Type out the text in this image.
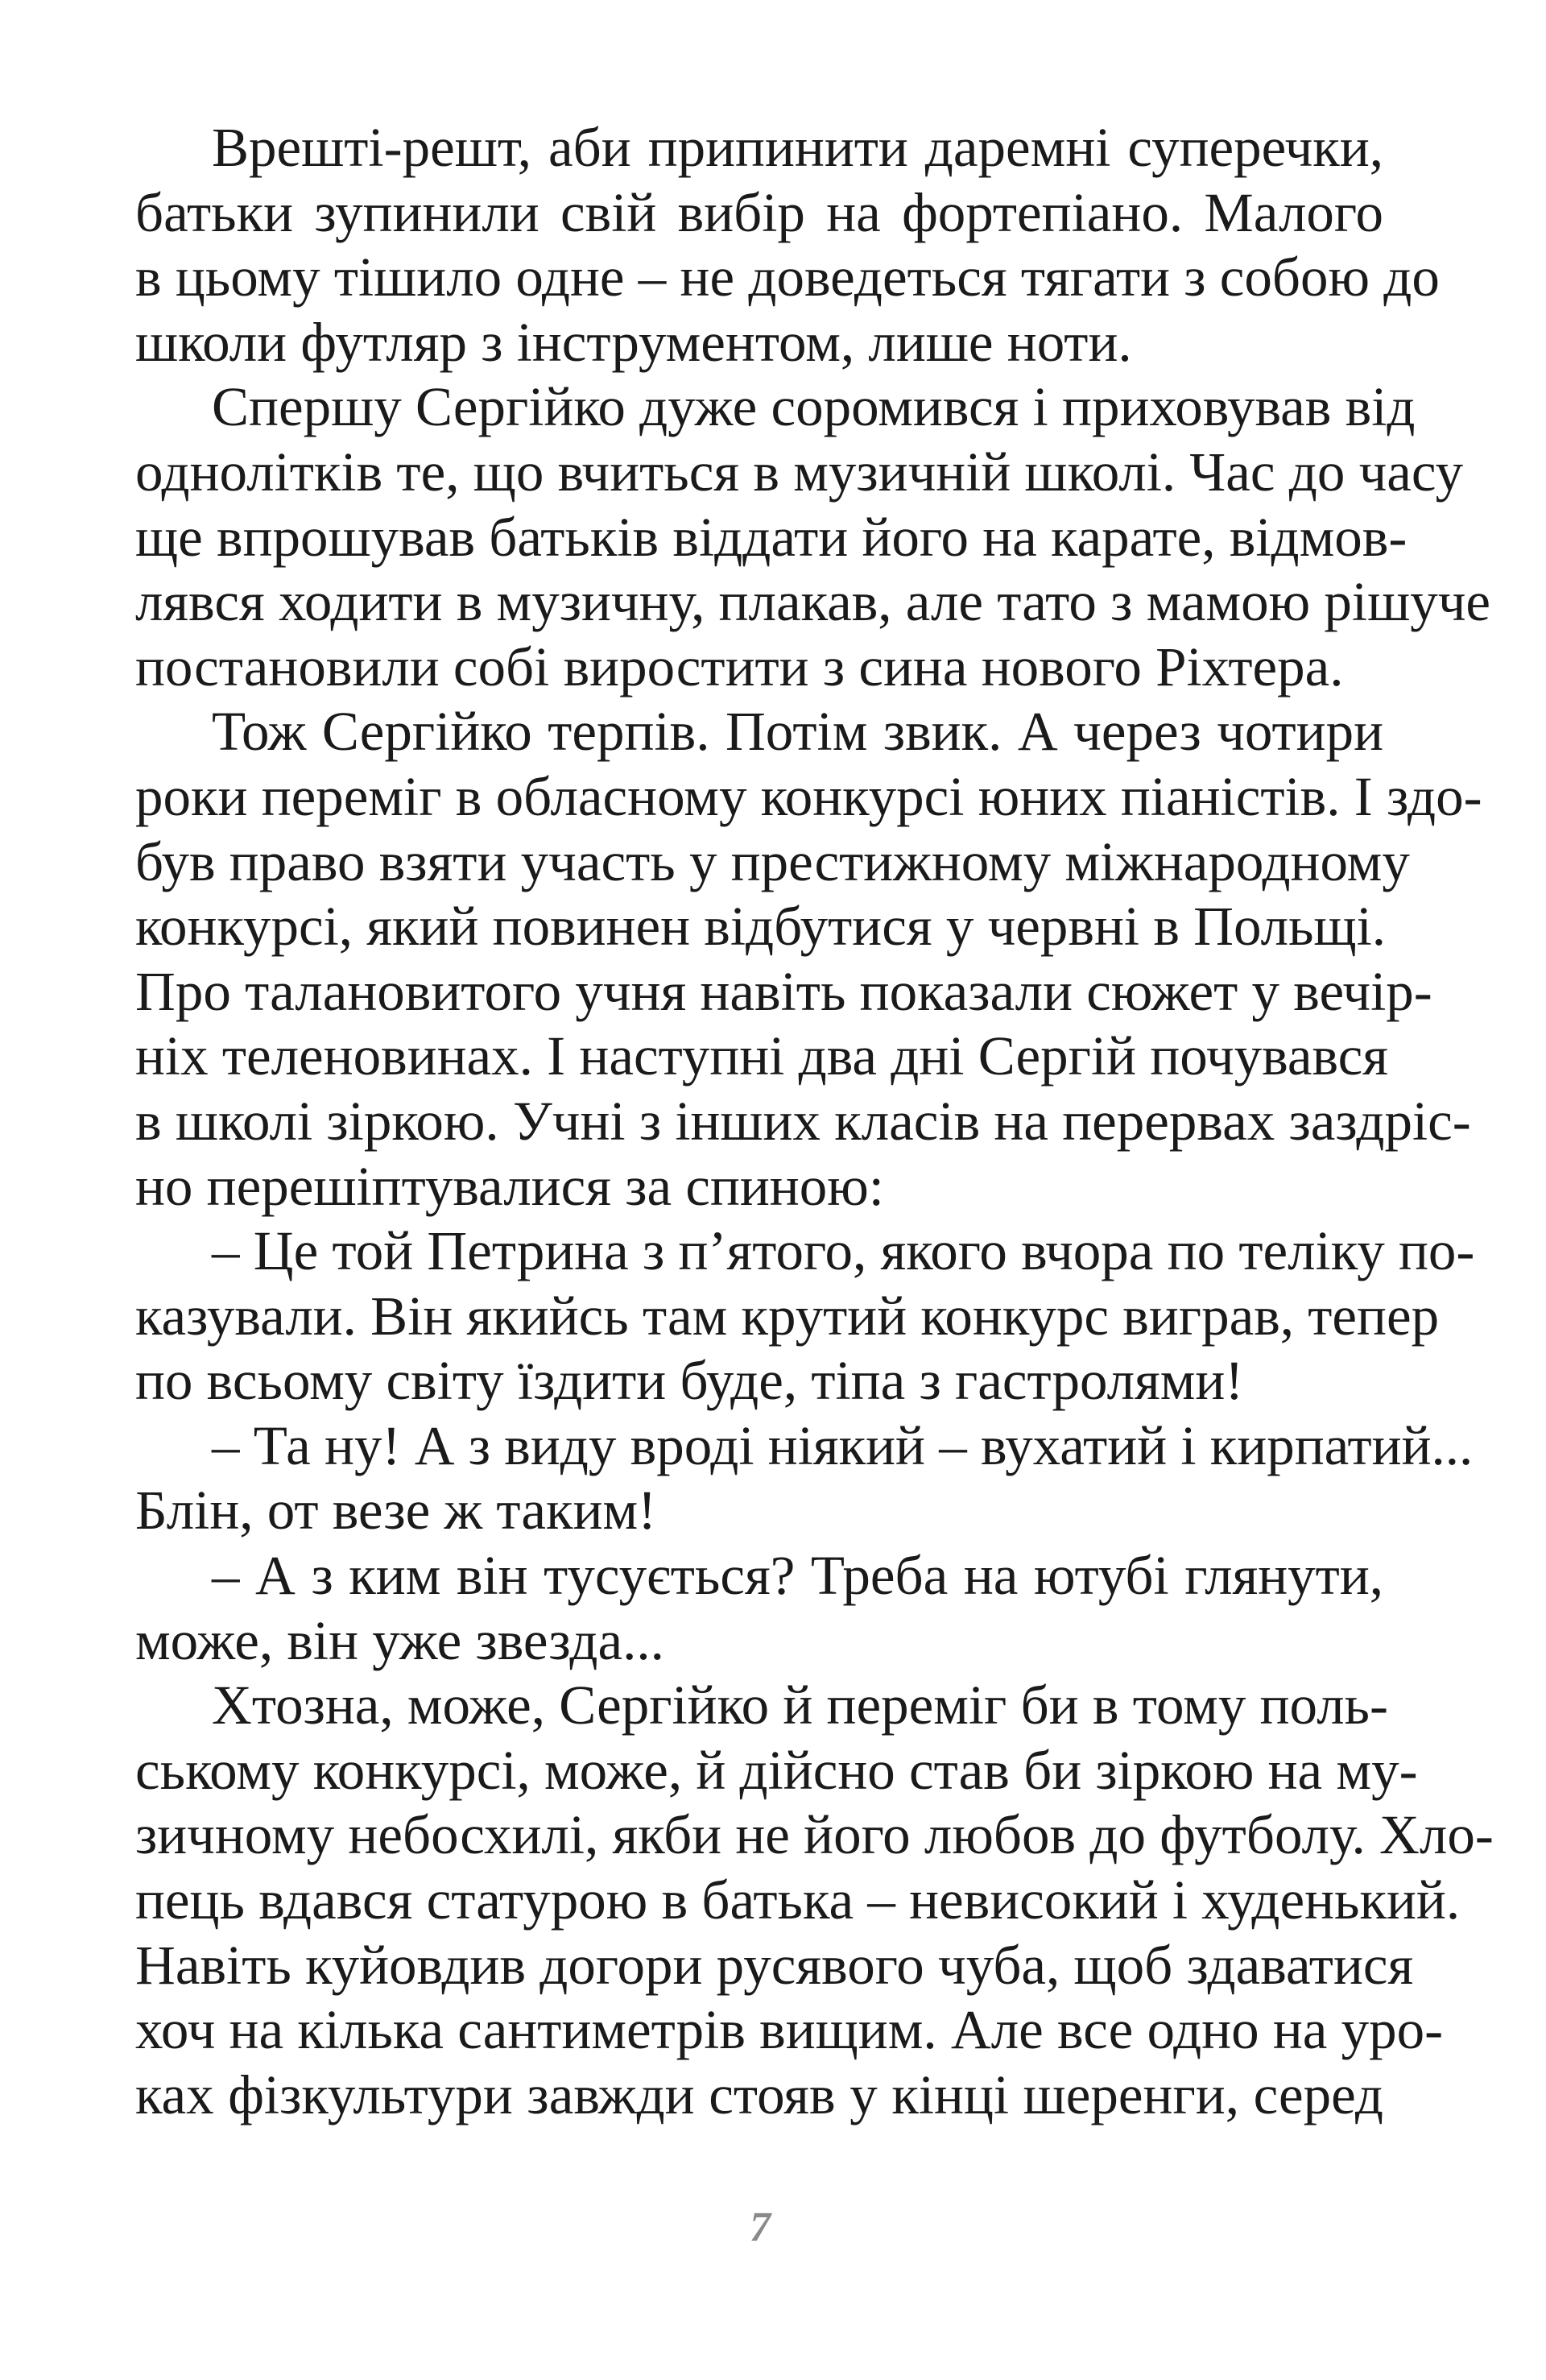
Врешті-решт, аби припинити даремні суперечки,
батьки зупинили свій вибір на фортепіано. Малого
в цьому тішило одне – не доведеться тягати з собою до
школи футляр з інструментом, лише ноти.
Спершу Сергійко дуже соромився і приховував від
однолітків те, що вчиться в музичній школі. Час до часу
ще впрошував батьків віддати його на карате, відмов-
лявся ходити в музичну, плакав, але тато з мамою рішуче
постановили собі виростити з сина нового Ріхтера.
Тож Сергійко терпів. Потім звик. А через чотири
роки переміг в обласному конкурсі юних піаністів. І здо-
був право взяти участь у престижному міжнародному
конкурсі, який повинен відбутися у червні в Польщі.
Про талановитого учня навіть показали сюжет у вечір-
ніх теленовинах. І наступні два дні Сергій почувався
в школі зіркою. Учні з інших класів на перервах заздріс-
но перешіптувалися за спиною:
– Це той Петрина з п’ятого, якого вчора по теліку по-
казували. Він якийсь там крутий конкурс виграв, тепер
по всьому світу їздити буде, тіпа з гастролями!
– Та ну! А з виду вроді ніякий – вухатий і кирпатий...
Блін, от везе ж таким!
– А з ким він тусується? Треба на ютубі глянути,
може, він уже звезда...
Хтозна, може, Сергійко й переміг би в тому поль-
ському конкурсі, може, й дійсно став би зіркою на му-
зичному небосхилі, якби не його любов до футболу. Хло-
пець вдався статурою в батька – невисокий і худенький.
Навіть куйовдив догори русявого чуба, щоб здаватися
хоч на кілька сантиметрів вищим. Але все одно на уро-
ках фізкультури завжди стояв у кінці шеренги, серед
7
